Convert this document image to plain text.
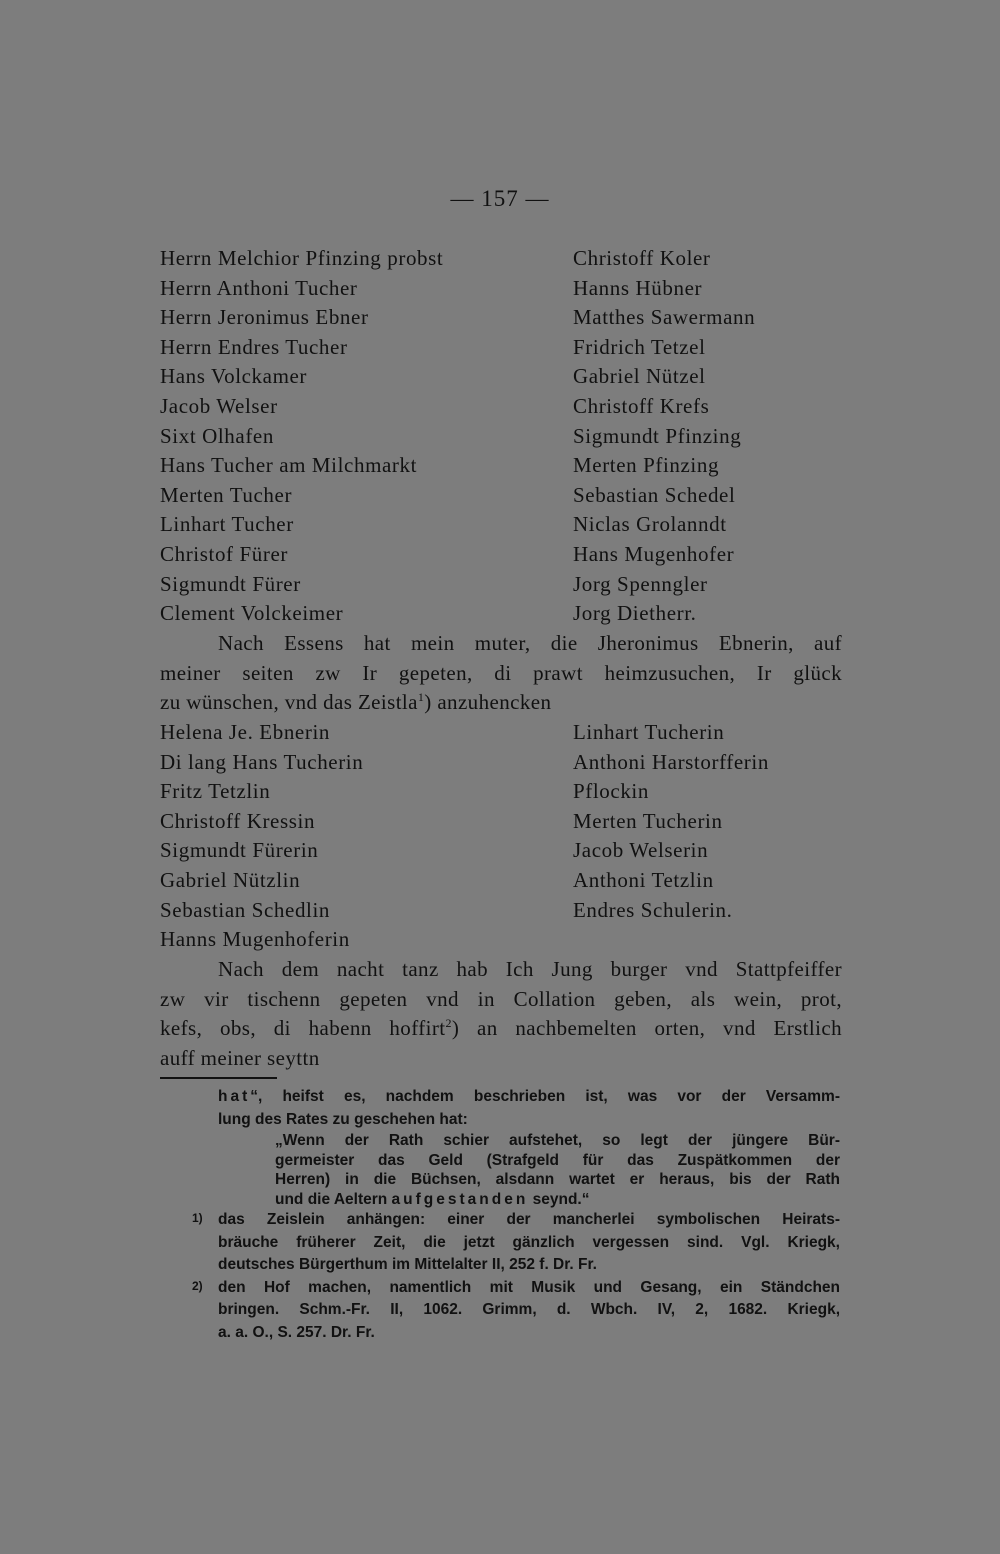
— 157 —
Herrn Melchior Pfinzing probst	Christoff Koler
Herrn Anthoni Tucher	Hanns Hübner
Herrn Jeronimus Ebner	Matthes Sawermann
Herrn Endres Tucher	Fridrich Tetzel
Hans Volckamer	Gabriel Nützel
Jacob Welser	Christoff Krefs
Sixt Olhafen	Sigmundt Pfinzing
Hans Tucher am Milchmarkt	Merten Pfinzing
Merten Tucher	Sebastian Schedel
Linhart Tucher	Niclas Grolanndt
Christof Fürer	Hans Mugenhofer
Sigmundt Fürer	Jorg Spenngler
Clement Volckeimer	Jorg Dietherr.
Nach Essens hat mein muter, die Jheronimus Ebnerin, auf
meiner seiten zw Ir gepeten, di prawt heimzusuchen, Ir glück
zu wünschen, vnd das Zeistla$^1$) anzuhencken
Helena Je. Ebnerin	Linhart Tucherin
Di lang Hans Tucherin	Anthoni Harstorfferin
Fritz Tetzlin	Pflockin
Christoff Kressin	Merten Tucherin
Sigmundt Fürerin	Jacob Welserin
Gabriel Nützlin	Anthoni Tetzlin
Sebastian Schedlin	Endres Schulerin.
Hanns Mugenhoferin
Nach dem nacht tanz hab Ich Jung burger vnd Stattpfeiffer
zw vir tischenn gepeten vnd in Collation geben, als wein, prot,
kefs, obs, di habenn hoffirt$^2$) an nachbemelten orten, vnd Erstlich
auff meiner seyttn
hat“, heifst es, nachdem beschrieben ist, was vor der Versamm-
lung des Rates zu geschehen hat:
„Wenn der Rath schier aufstehet, so legt der jüngere Bür-
germeister das Geld (Strafgeld für das Zuspätkommen der
Herren) in die Büchsen, alsdann wartet er heraus, bis der Rath
und die Aeltern aufgestanden seynd.“
1) das Zeislein anhängen: einer der mancherlei symbolischen Heirats-
bräuche früherer Zeit, die jetzt gänzlich vergessen sind. Vgl. Kriegk,
deutsches Bürgerthum im Mittelalter II, 252 f. Dr. Fr.
2) den Hof machen, namentlich mit Musik und Gesang, ein Ständchen
bringen. Schm.-Fr. II, 1062. Grimm, d. Wbch. IV, 2, 1682. Kriegk,
a. a. O., S. 257. Dr. Fr.
